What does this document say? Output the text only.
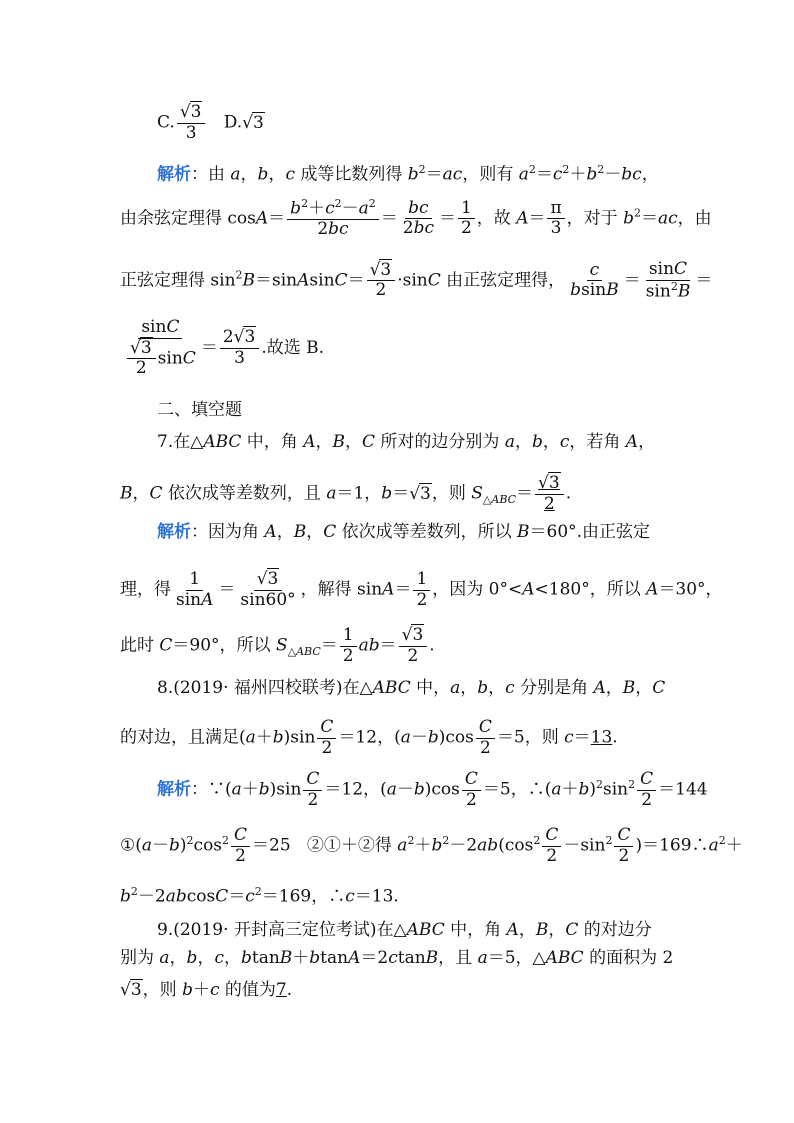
C. $\frac{√3}{3} D.√3$
解析：由 a，b，c 成等比数列得 $b^2=ac$，则有 $a^2=c^2+b^2-bc$，
由余弦定理得 $\cos A= \frac{b^2+c^2-a^2}{2bc} = \frac{bc}{2bc} = \frac{1}{2}$ ，故 $A= \frac{\pi}{3}$ ，对于 $b^2=ac$，由
正弦定理得 $\sin^2B=sinAsinC= \frac{√3}{2} \cdot\sin C$ 由正弦定理得， $\frac{c}{bsinB} = \frac{\sin C}{\sin^2B}$ ＝
$\frac{\sin C}{\frac{√3}{2} \sin C} = \frac{2√3}{3}$ .故选 B.
二、填空题
7.在△ABC 中，角 A，B，C 所对的边分别为 a，b，c，若角 A，
B，C 依次成等差数列，且 a＝1，b＝√3，则 $S_{\triangle ABC}= \frac{√3}{2}$ .
解析：因为角 A，B，C 依次成等差数列，所以 B＝60°.由正弦定
理，得 $\frac{1}{\sin A} = \frac{√3}{\sin 60^\circ}$ ，解得 $\sin A= \frac{1}{2}$ ，因为 0°<A<180°，所以 A＝30°，
此时 C＝90°，所以 $S_{\triangle ABC}= \frac{1}{2} ab= \frac{√3}{2}$ .
8.(2019· 福州四校联考)在△ABC 中，a，b，c 分别是角 A，B，C
的对边，且满足$(a+b)\sin \frac{C}{2} =12$，$(a-b)\cos \frac{C}{2} =5$，则 c＝13.
解析：∵(a＋b)sin $\frac{C}{2} =12$，$(a-b)\cos \frac{C}{2} =5$，$\therefore(a+b)^2\sin^2 \frac{C}{2} =144$
$①(a-b)^2\cos^2 \frac{C}{2} =25$   ②①＋②得 $a^2+b^2-2ab(\cos^2 \frac{C}{2} -\sin^2 \frac{C}{2}$ )$=169\therefore a^2+$
$b^2-2abcosC=c^2=169$，∴c＝13.
9.(2019· 开封高三定位考试)在△ABC 中，角 A，B，C 的对边分
别为 a，b，c，btanB＋btanA＝2ctanB，且 a＝5，△ABC 的面积为 2
√3，则 b＋c 的值为7.
